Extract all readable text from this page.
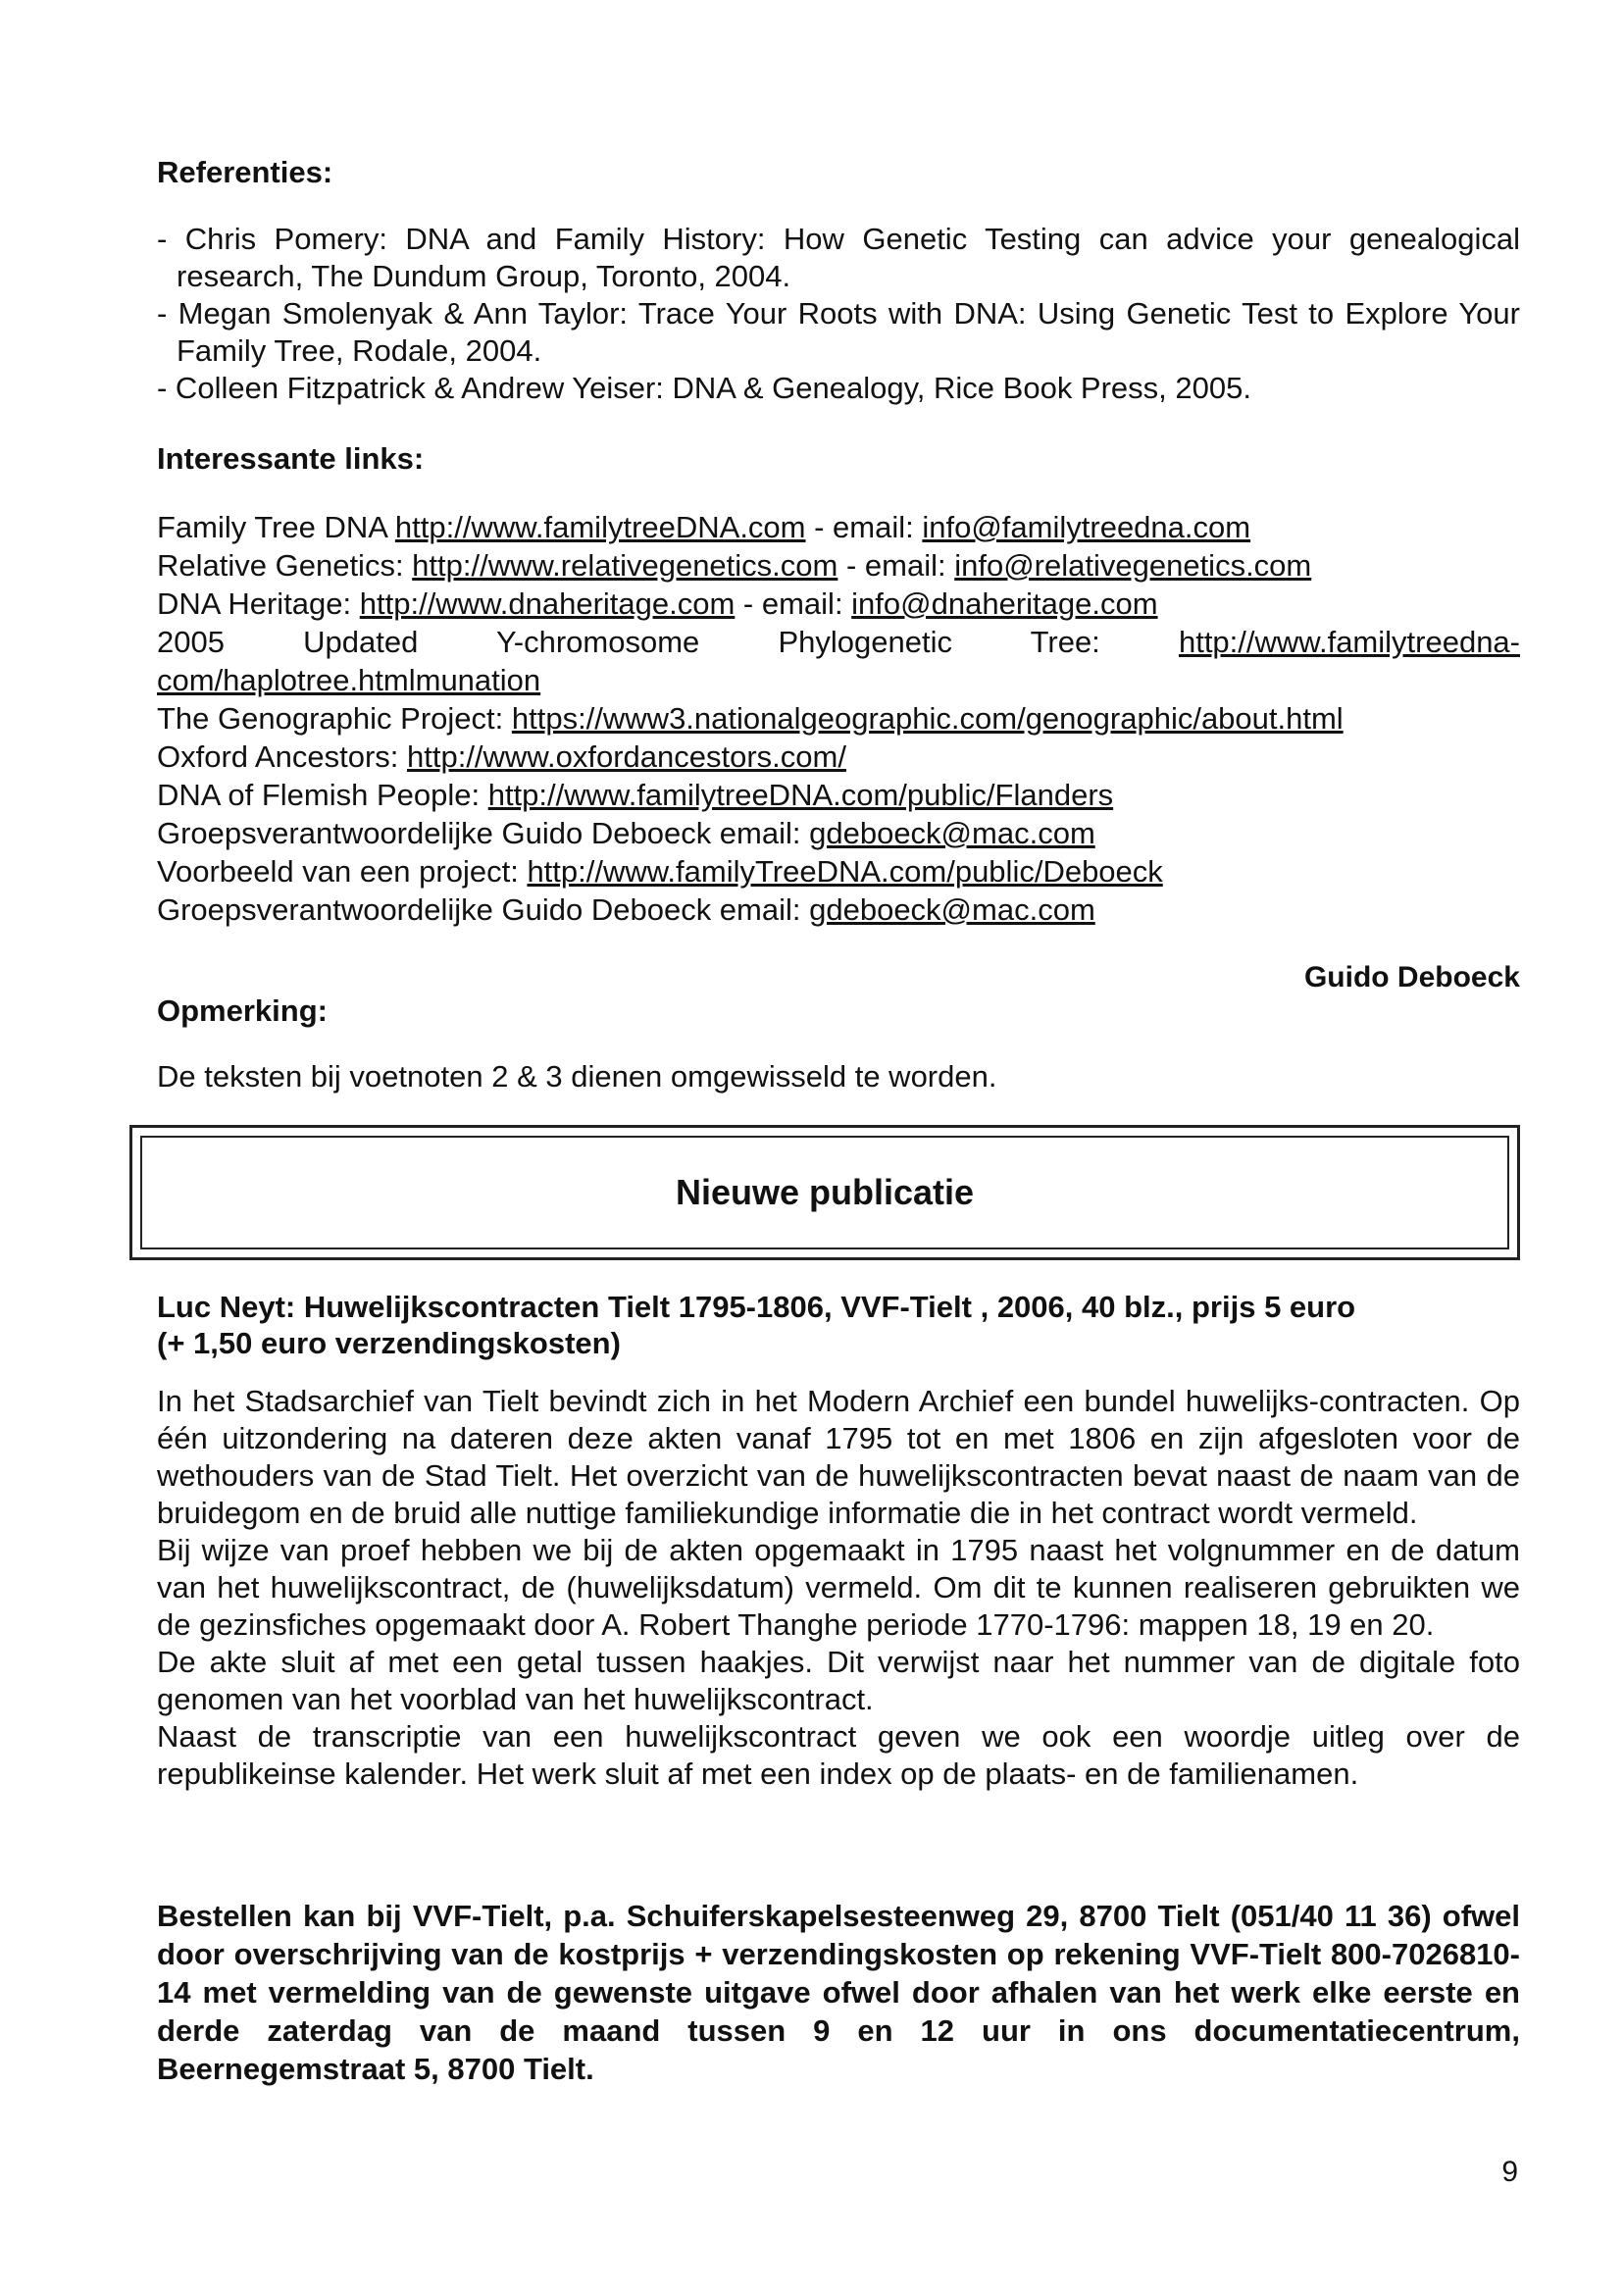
Referenties:
- Chris Pomery: DNA and Family History: How Genetic Testing can advice your genealogical research, The Dundum Group, Toronto, 2004.
- Megan Smolenyak & Ann Taylor: Trace Your Roots with DNA: Using Genetic Test to Explore Your Family Tree, Rodale, 2004.
- Colleen Fitzpatrick & Andrew Yeiser: DNA & Genealogy, Rice Book Press, 2005.
Interessante links:
Family Tree DNA http://www.familytreeDNA.com - email: info@familytreedna.com
Relative Genetics: http://www.relativegenetics.com - email: info@relativegenetics.com
DNA Heritage: http://www.dnaheritage.com - email: info@dnaheritage.com
2005	Updated	Y-chromosome	Phylogenetic	Tree:	http://www.familytreedna-
com/haplotree.htmlmunation
The Genographic Project: https://www3.nationalgeographic.com/genographic/about.html
Oxford Ancestors: http://www.oxfordancestors.com/
DNA of Flemish People: http://www.familytreeDNA.com/public/Flanders
Groepsverantwoordelijke Guido Deboeck email: gdeboeck@mac.com
Voorbeeld van een project: http://www.familyTreeDNA.com/public/Deboeck
Groepsverantwoordelijke Guido Deboeck email: gdeboeck@mac.com
Guido Deboeck
Opmerking:
De teksten bij voetnoten 2 & 3 dienen omgewisseld te worden.
Nieuwe publicatie
Luc Neyt: Huwelijkscontracten Tielt 1795-1806, VVF-Tielt , 2006, 40 blz., prijs 5 euro
(+ 1,50 euro verzendingskosten)

In het Stadsarchief van Tielt bevindt zich in het Modern Archief een bundel huwelijks-contracten. Op één uitzondering na dateren deze akten vanaf 1795 tot en met 1806 en zijn afgesloten voor de wethouders van de Stad Tielt. Het overzicht van de huwelijkscontracten bevat naast de naam van de bruidegom en de bruid alle nuttige familiekundige informatie die in het contract wordt vermeld.

Bij wijze van proef hebben we bij de akten opgemaakt in 1795 naast het volgnummer en de datum van het huwelijkscontract, de (huwelijksdatum) vermeld. Om dit te kunnen realiseren gebruikten we de gezinsfiches opgemaakt door A. Robert Thanghe periode 1770-1796: mappen 18, 19 en 20.

De akte sluit af met een getal tussen haakjes. Dit verwijst naar het nummer van de digitale foto genomen van het voorblad van het huwelijkscontract.

Naast de transcriptie van een huwelijkscontract geven we ook een woordje uitleg over de republikeinse kalender. Het werk sluit af met een index op de plaats- en de familienamen.

Bestellen kan bij VVF-Tielt, p.a. Schuiferskapelsesteenweg 29, 8700 Tielt (051/40 11 36) ofwel door overschrijving van de kostprijs + verzendingskosten op rekening VVF-Tielt 800-7026810-14 met vermelding van de gewenste uitgave ofwel door afhalen van het werk elke eerste en derde zaterdag van de maand tussen 9 en 12 uur in ons documentatiecentrum, Beernegemstraat 5, 8700 Tielt.
9
